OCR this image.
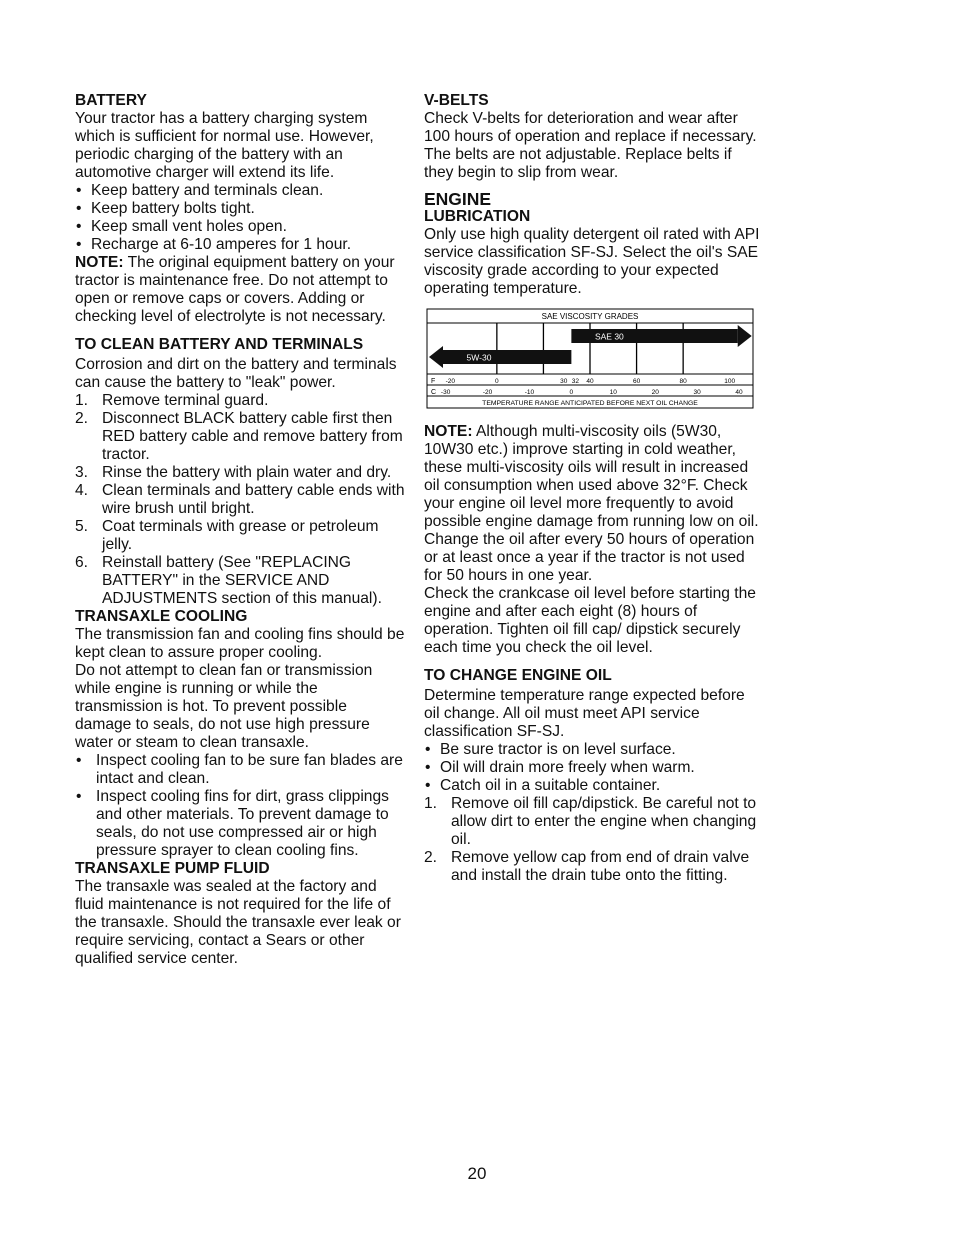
BATTERY

Your tractor has a battery charging system which is sufficient for normal use. However, periodic charging of the battery with an automotive charger will extend its life.

• Keep battery and terminals clean.
• Keep battery bolts tight.
• Keep small vent holes open.
• Recharge at 6-10 amperes for 1 hour.

NOTE: The original equipment battery on your tractor is maintenance free. Do not attempt to open or remove caps or covers. Adding or checking level of electrolyte is not necessary.

TO CLEAN BATTERY AND TERMINALS

Corrosion and dirt on the battery and terminals can cause the battery to "leak" power.

1. Remove terminal guard.
2. Disconnect BLACK battery cable first then RED battery cable and remove battery from tractor.
3. Rinse the battery with plain water and dry.
4. Clean terminals and battery cable ends with wire brush until bright.
5. Coat terminals with grease or petroleum jelly.
6. Reinstall battery (See "REPLACING BATTERY" in the SERVICE AND ADJUSTMENTS section of this manual).
TRANSAXLE COOLING

The transmission fan and cooling fins should be kept clean to assure proper cooling.

Do not attempt to clean fan or transmission while engine is running or while the transmission is hot. To prevent possible damage to seals, do not use high pressure water or steam to clean transaxle.

• Inspect cooling fan to be sure fan blades are intact and clean.
• Inspect cooling fins for dirt, grass clippings and other materials. To prevent damage to seals, do not use compressed air or high pressure sprayer to clean cooling fins.
TRANSAXLE PUMP FLUID

The transaxle was sealed at the factory and fluid maintenance is not required for the life of the transaxle. Should the transaxle ever leak or require servicing, contact a Sears or other qualified service center.

V-BELTS

Check V-belts for deterioration and wear after 100 hours of operation and replace if necessary. The belts are not adjustable. Replace belts if they begin to slip from wear.

ENGINE
LUBRICATION

Only use high quality detergent oil rated with API service classification SF-SJ. Select the oil's SAE viscosity grade according to your expected operating temperature.

SAE VISCOSITY GRADES
SAE 30
5W-30
F
C
-20	0	30 32 40	60	80	100
-30	-20	-10	0	10	20	30	40
TEMPERATURE RANGE ANTICIPATED BEFORE NEXT OIL CHANGE

NOTE: Although multi-viscosity oils (5W30, 10W30 etc.) improve starting in cold weather, these multi-viscosity oils will result in increased oil consumption when used above 32°F. Check your engine oil level more frequently to avoid possible engine damage from running low on oil.

Change the oil after every 50 hours of operation or at least once a year if the tractor is not used for 50 hours in one year.

Check the crankcase oil level before starting the engine and after each eight (8) hours of operation. Tighten oil fill cap/ dipstick securely each time you check the oil level.

TO CHANGE ENGINE OIL

Determine temperature range expected before oil change. All oil must meet API service classification SF-SJ.

• Be sure tractor is on level surface.
• Oil will drain more freely when warm.
• Catch oil in a suitable container.
1. Remove oil fill cap/dipstick. Be careful not to allow dirt to enter the engine when changing oil.
2. Remove yellow cap from end of drain valve and install the drain tube onto the fitting.
20
